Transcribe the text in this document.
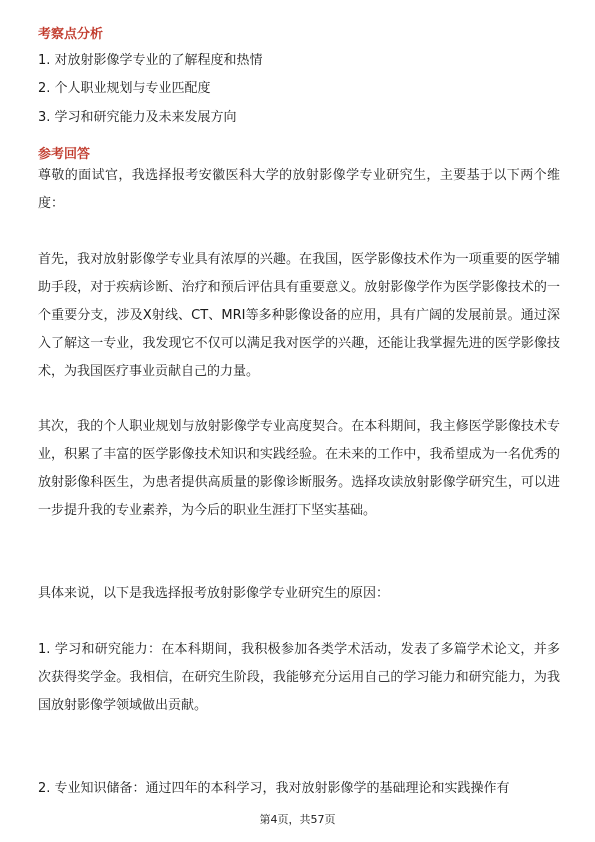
考察点分析
1. 对放射影像学专业的了解程度和热情
2. 个人职业规划与专业匹配度
3. 学习和研究能力及未来发展方向
参考回答
尊敬的面试官，我选择报考安徽医科大学的放射影像学专业研究生，主要基于以下两个维度：
首先，我对放射影像学专业具有浓厚的兴趣。在我国，医学影像技术作为一项重要的医学辅助手段，对于疾病诊断、治疗和预后评估具有重要意义。放射影像学作为医学影像技术的一个重要分支，涉及X射线、CT、MRI等多种影像设备的应用，具有广阔的发展前景。通过深入了解这一专业，我发现它不仅可以满足我对医学的兴趣，还能让我掌握先进的医学影像技术，为我国医疗事业贡献自己的力量。
其次，我的个人职业规划与放射影像学专业高度契合。在本科期间，我主修医学影像技术专业，积累了丰富的医学影像技术知识和实践经验。在未来的工作中，我希望成为一名优秀的放射影像科医生，为患者提供高质量的影像诊断服务。选择攻读放射影像学研究生，可以进一步提升我的专业素养，为今后的职业生涯打下坚实基础。
具体来说，以下是我选择报考放射影像学专业研究生的原因：
1. 学习和研究能力：在本科期间，我积极参加各类学术活动，发表了多篇学术论文，并多次获得奖学金。我相信，在研究生阶段，我能够充分运用自己的学习能力和研究能力，为我国放射影像学领域做出贡献。
2. 专业知识储备：通过四年的本科学习，我对放射影像学的基础理论和实践操作有
第4页，共57页
